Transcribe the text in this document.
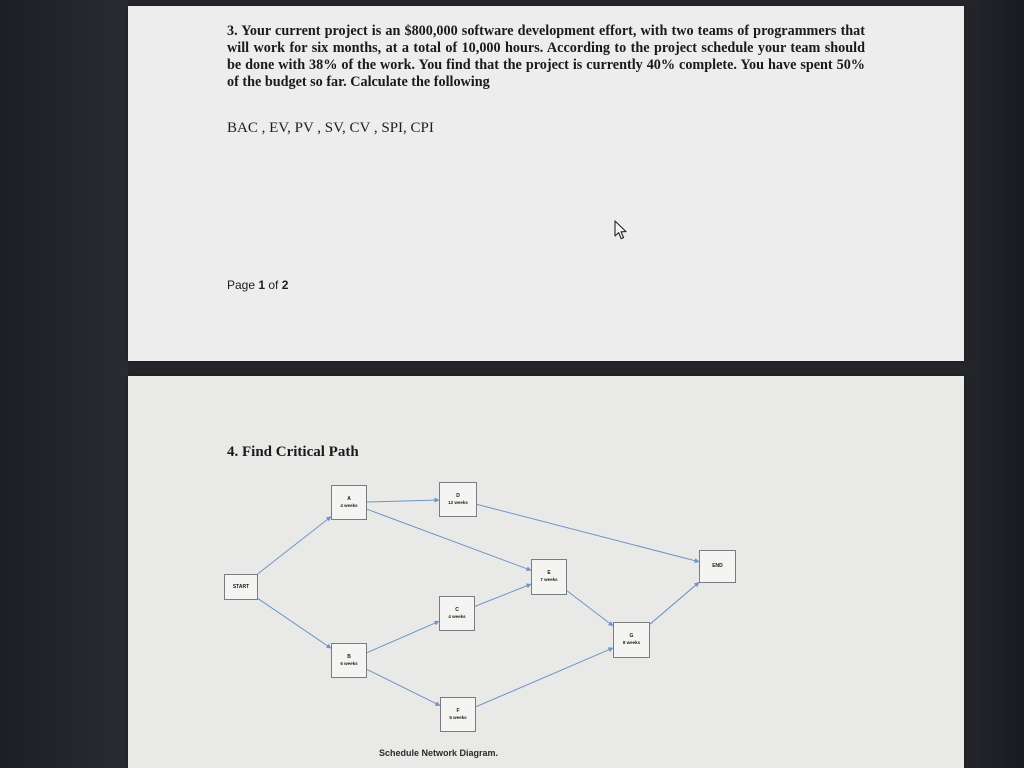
3. Your current project is an $800,000 software development effort, with two teams of programmers that will work for six months, at a total of 10,000 hours. According to the project schedule your team should be done with 38% of the work. You find that the project is currently 40% complete. You have spent 50% of the budget so far. Calculate the following

BAC , EV, PV , SV, CV , SPI, CPI

Page 1 of 2

4. Find Critical Path

START
A
4 weeks
B
6 weeks
C
4 weeks
D
12 weeks
E
7 weeks
F
5 weeks
G
8 weeks
END
Schedule Network Diagram.
